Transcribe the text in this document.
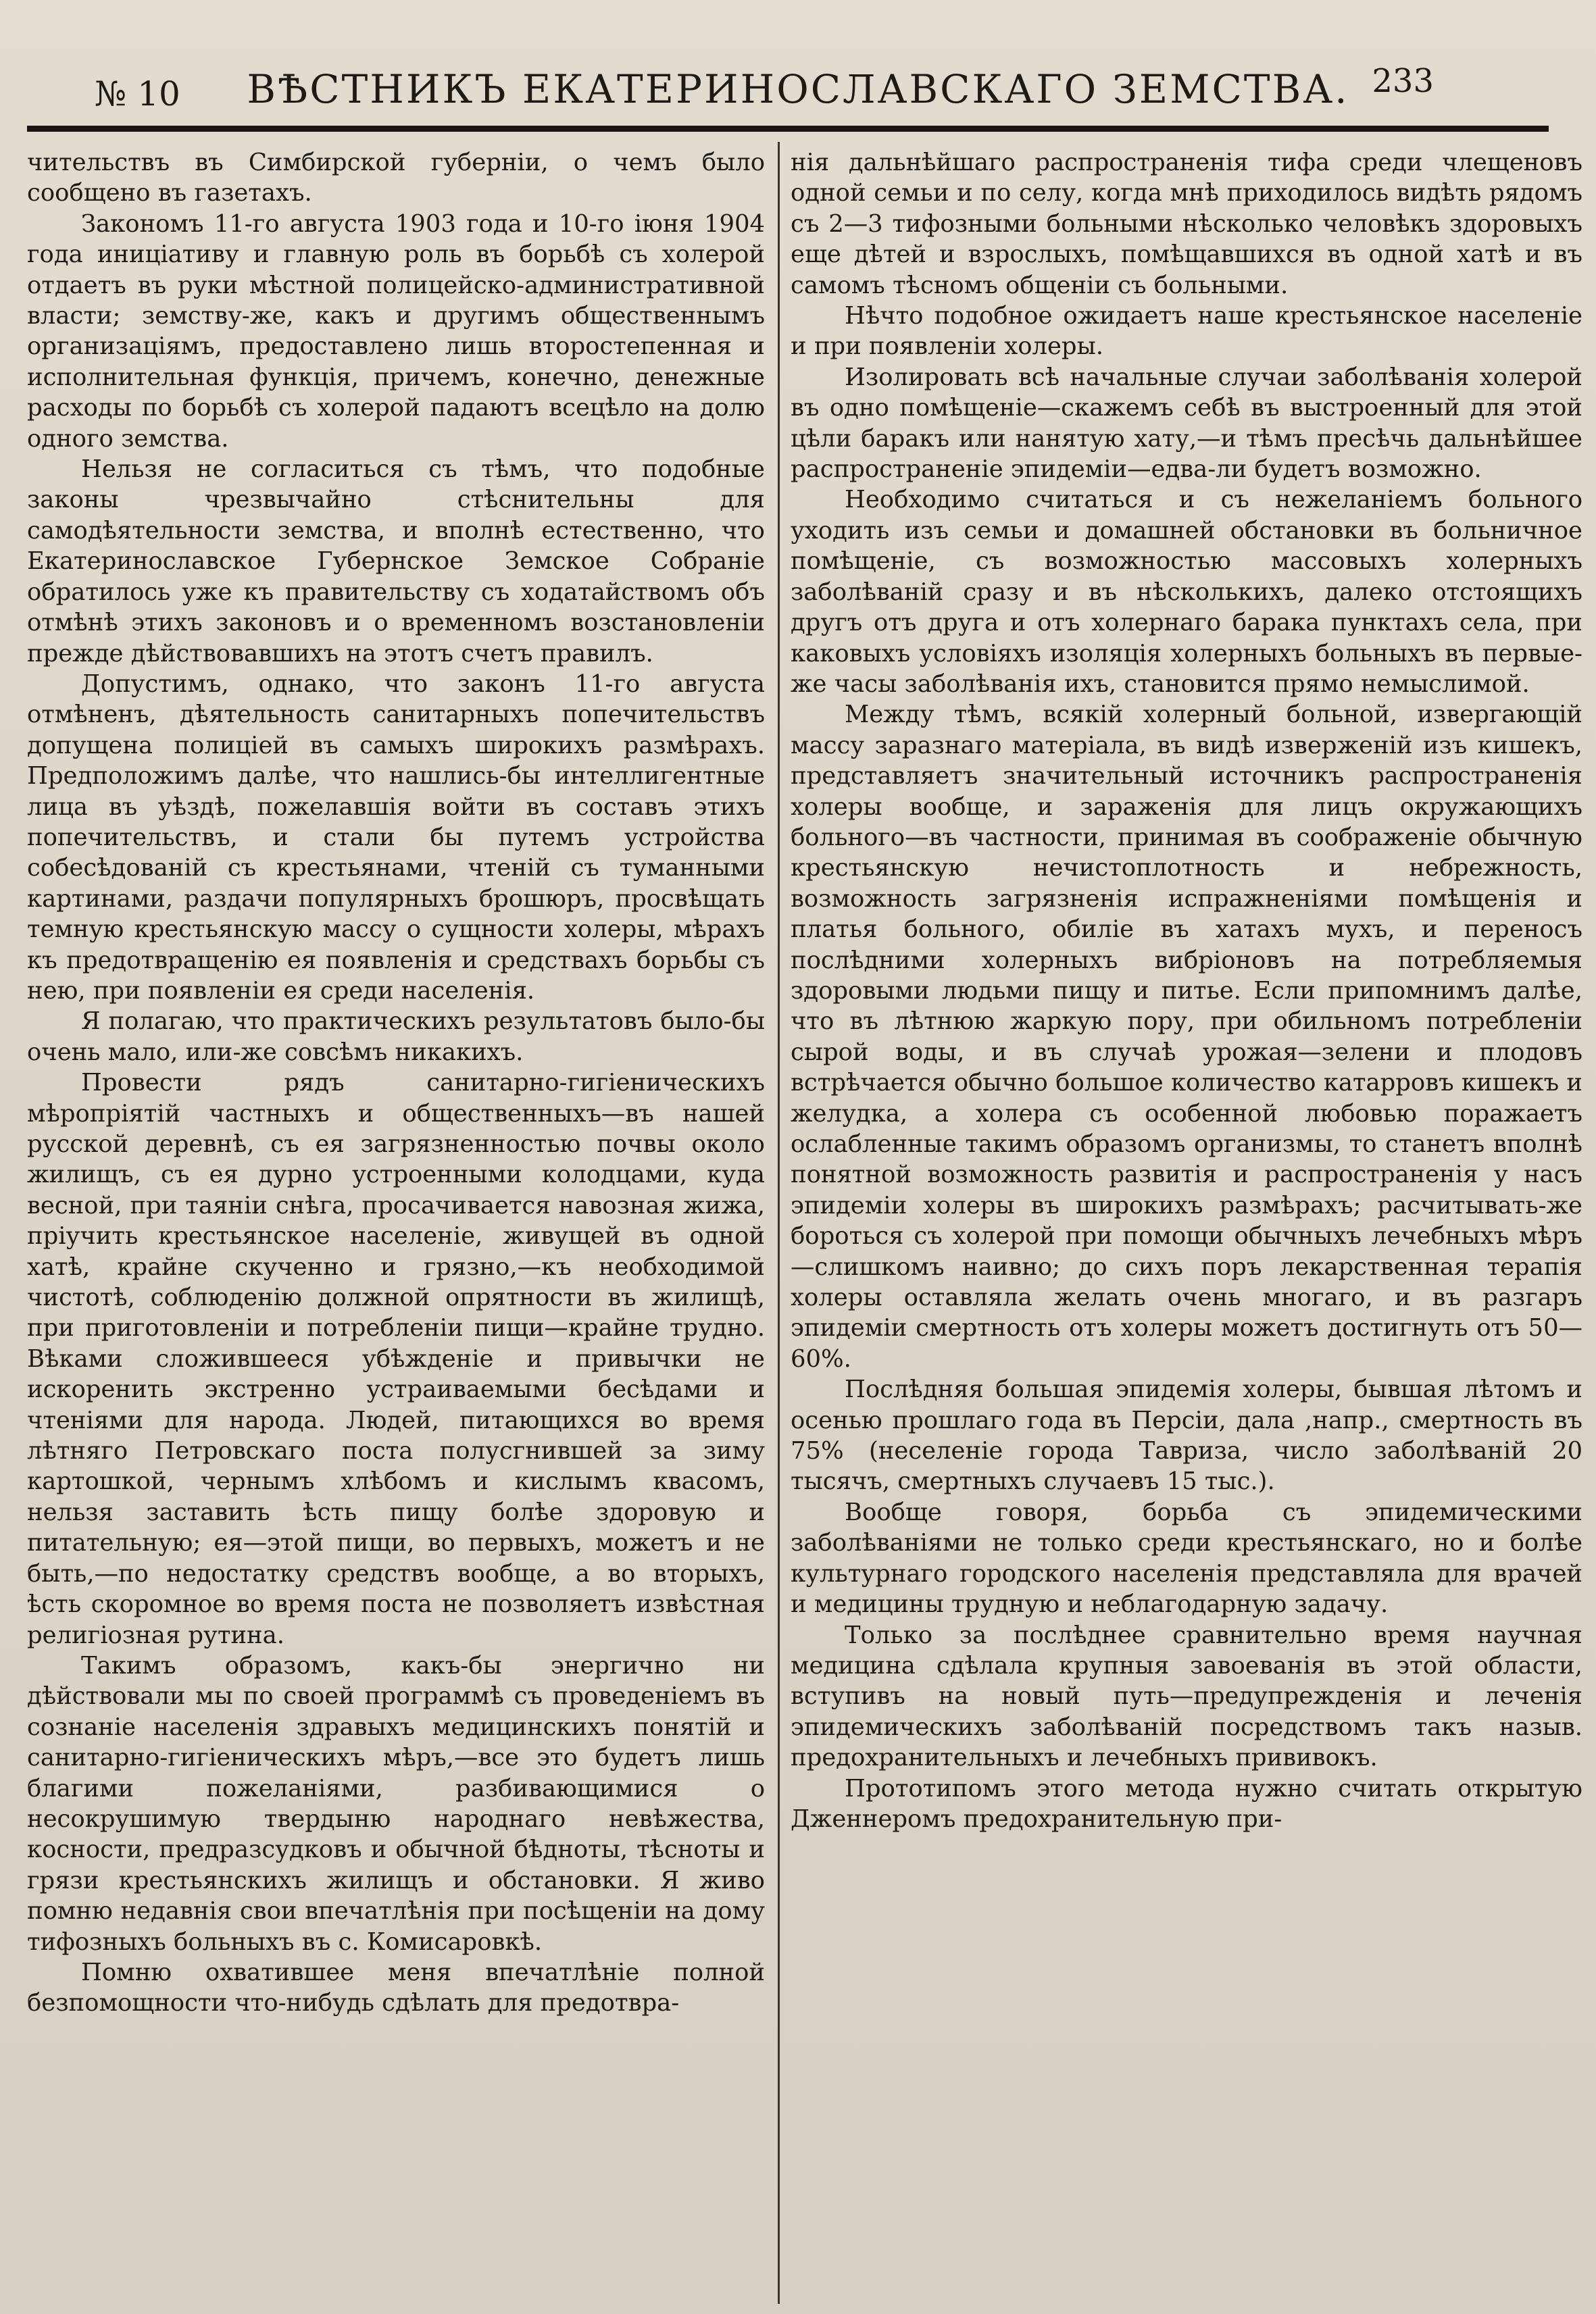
№ 10	ВѢСТНИКЪ ЕКАТЕРИНОСЛАВСКАГО ЗЕМСТВА. 233

чительствъ въ Симбирской губерніи, о чемъ было сообщено въ газетахъ.

Закономъ 11-го августа 1903 года и 10-го іюня 1904 года иниціативу и главную роль въ борьбѣ съ холерой отдаетъ въ руки мѣстной полицейско-административной власти; земству-же, какъ и другимъ общественнымъ организаціямъ, предоставлено лишь второстепенная и исполнительная функція, причемъ, конечно, денежные расходы по борьбѣ съ холерой падаютъ всецѣло на долю одного земства.

Нельзя не согласиться съ тѣмъ, что подобные законы чрезвычайно стѣснительны для самодѣятельности земства, и вполнѣ естественно, что Екатеринославское Губернское Земское Собраніе обратилось уже къ правительству съ ходатайствомъ объ отмѣнѣ этихъ законовъ и о временномъ возстановленіи прежде дѣйствовавшихъ на этотъ счетъ правилъ.

Допустимъ, однако, что законъ 11-го августа отмѣненъ, дѣятельность санитарныхъ попечительствъ допущена полиціей въ самыхъ широкихъ размѣрахъ. Предположимъ далѣе, что нашлись-бы интеллигентные лица въ уѣздѣ, пожелавшія войти въ составъ этихъ попечительствъ, и стали бы путемъ устройства собесѣдованій съ крестьянами, чтеній съ туманными картинами, раздачи популярныхъ брошюръ, просвѣщать темную крестьянскую массу о сущности холеры, мѣрахъ къ предотвращенію ея появленія и средствахъ борьбы съ нею, при появленіи ея среди населенія.

Я полагаю, что практическихъ результатовъ было-бы очень мало, или-же совсѣмъ никакихъ.

Провести рядъ санитарно-гигіеническихъ мѣропріятій частныхъ и общественныхъ—въ нашей русской деревнѣ, съ ея загрязненностью почвы около жилищъ, съ ея дурно устроенными колодцами, куда весной, при таяніи снѣга, просачивается навозная жижа, пріучить крестьянское населеніе, живущей въ одной хатѣ, крайне скученно и грязно,—къ необходимой чистотѣ, соблюденію должной опрятности въ жилищѣ, при приготовленіи и потребленіи пищи—крайне трудно. Вѣками сложившееся убѣжденіе и привычки не искоренить экстренно устраиваемыми бесѣдами и чтеніями для народа. Людей, питающихся во время лѣтняго Петровскаго поста полусгнившей за зиму картошкой, чернымъ хлѣбомъ и кислымъ квасомъ, нельзя заставить ѣсть пищу болѣе здоровую и питательную; ея—этой пищи, во первыхъ, можетъ и не быть,—по недостатку средствъ вообще, а во вторыхъ, ѣсть скоромное во время поста не позволяетъ извѣстная религіозная рутина.

Такимъ образомъ, какъ-бы энергично ни дѣйствовали мы по своей программѣ съ проведеніемъ въ сознаніе населенія здравыхъ медицинскихъ понятій и санитарно-гигіеническихъ мѣръ,—все это будетъ лишь благими пожеланіями, разбивающимися о несокрушимую твердыню народнаго невѣжества, косности, предразсудковъ и обычной бѣдноты, тѣсноты и грязи крестьянскихъ жилищъ и обстановки. Я живо помню недавнія свои впечатлѣнія при посѣщеніи на дому тифозныхъ больныхъ въ с. Комисаровкѣ.

Помню охватившее меня впечатлѣніе полной безпомощности что-нибудь сдѣлать для предотвра-

нія дальнѣйшаго распространенія тифа среди члещеновъ одной семьи и по селу, когда мнѣ приходилось видѣть рядомъ съ 2—3 тифозными больными нѣсколько человѣкъ здоровыхъ еще дѣтей и взрослыхъ, помѣщавшихся въ одной хатѣ и въ самомъ тѣсномъ общеніи съ больными.

Нѣчто подобное ожидаетъ наше крестьянское населеніе и при появленіи холеры.

Изолировать всѣ начальные случаи заболѣванія холерой въ одно помѣщеніе—скажемъ себѣ въ выстроенный для этой цѣли баракъ или нанятую хату,—и тѣмъ пресѣчь дальнѣйшее распространеніе эпидеміи—едва-ли будетъ возможно.

Необходимо считаться и съ нежеланіемъ больного уходить изъ семьи и домашней обстановки въ больничное помѣщеніе, съ возможностью массовыхъ холерныхъ заболѣваній сразу и въ нѣсколькихъ, далеко отстоящихъ другъ отъ друга и отъ холернаго барака пунктахъ села, при каковыхъ условіяхъ изоляція холерныхъ больныхъ въ первые-же часы заболѣванія ихъ, становится прямо немыслимой.

Между тѣмъ, всякій холерный больной, извергающій массу заразнаго матеріала, въ видѣ изверженій изъ кишекъ, представляетъ значительный источникъ распространенія холеры вообще, и зараженія для лицъ окружающихъ больного—въ частности, принимая въ соображеніе обычную крестьянскую нечистоплотность и небрежность, возможность загрязненія испражненіями помѣщенія и платья больного, обиліе въ хатахъ мухъ, и переносъ послѣдними холерныхъ вибріоновъ на потребляемыя здоровыми людьми пищу и питье. Если припомнимъ далѣе, что въ лѣтнюю жаркую пору, при обильномъ потребленіи сырой воды, и въ случаѣ урожая—зелени и плодовъ встрѣчается обычно большое количество катарровъ кишекъ и желудка, а холера съ особенной любовью поражаетъ ослабленные такимъ образомъ организмы, то станетъ вполнѣ понятной возможность развитія и распространенія у насъ эпидеміи холеры въ широкихъ размѣрахъ; расчитывать-же бороться съ холерой при помощи обычныхъ лечебныхъ мѣръ—слишкомъ наивно; до сихъ поръ лекарственная терапія холеры оставляла желать очень многаго, и въ разгаръ эпидеміи смертность отъ холеры можетъ достигнуть отъ 50—60%.

Послѣдняя большая эпидемія холеры, бывшая лѣтомъ и осенью прошлаго года въ Персіи, дала ,напр., смертность въ 75% (неселеніе города Тавриза, число заболѣваній 20 тысячъ, смертныхъ случаевъ 15 тыс.).

Вообще говоря, борьба съ эпидемическими заболѣваніями не только среди крестьянскаго, но и болѣе культурнаго городского населенія представляла для врачей и медицины трудную и неблагодарную задачу.

Только за послѣднее сравнительно время научная медицина сдѣлала крупныя завоеванія въ этой области, вступивъ на новый путь—предупрежденія и леченія эпидемическихъ заболѣваній посредствомъ такъ назыв. предохранительныхъ и лечебныхъ прививокъ.

Прототипомъ этого метода нужно считать открытую Дженнеромъ предохранительную при-
